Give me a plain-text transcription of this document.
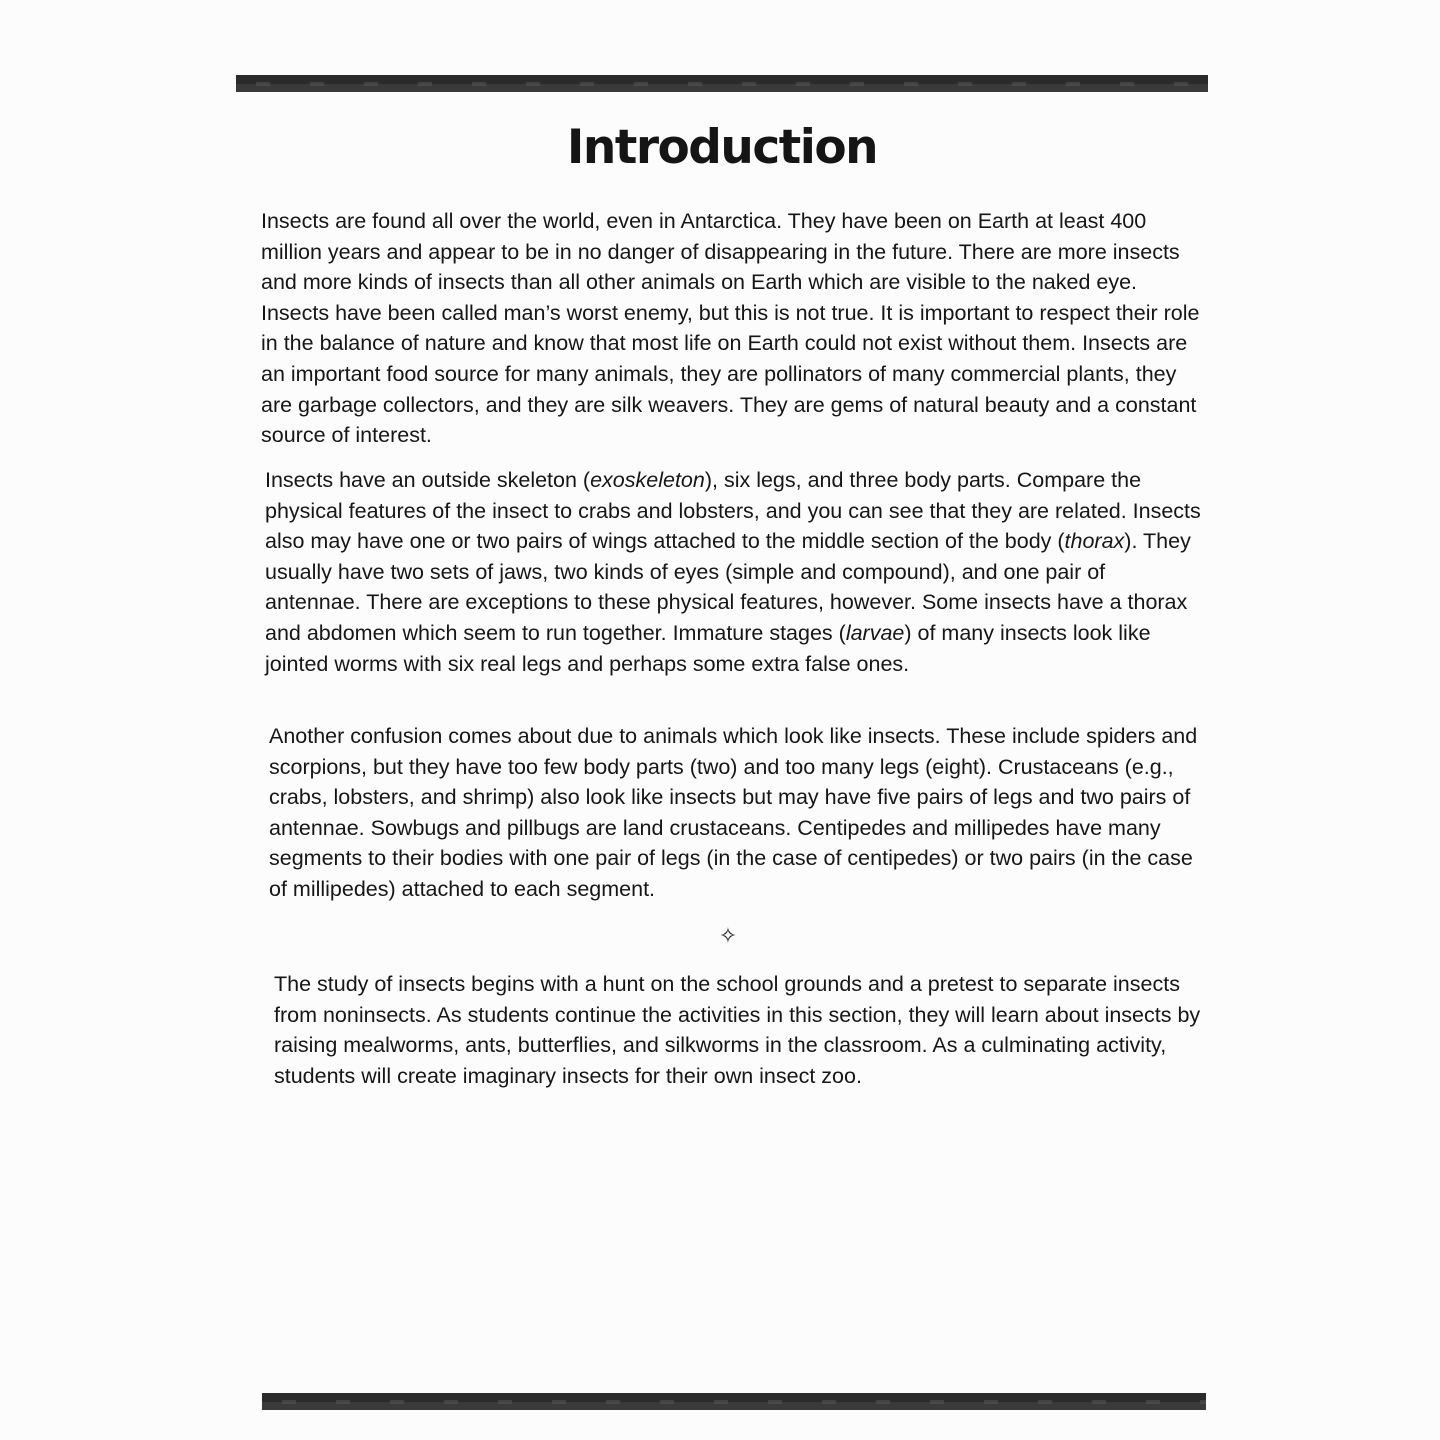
Introduction

Insects are found all over the world, even in Antarctica. They have been on Earth at least 400 million years and appear to be in no danger of disappearing in the future. There are more insects and more kinds of insects than all other animals on Earth which are visible to the naked eye. Insects have been called man’s worst enemy, but this is not true. It is important to respect their role in the balance of nature and know that most life on Earth could not exist without them. Insects are an important food source for many animals, they are pollinators of many commercial plants, they are garbage collectors, and they are silk weavers. They are gems of natural beauty and a constant source of interest.

Insects have an outside skeleton (exoskeleton), six legs, and three body parts. Compare the physical features of the insect to crabs and lobsters, and you can see that they are related. Insects also may have one or two pairs of wings attached to the middle section of the body (thorax). They usually have two sets of jaws, two kinds of eyes (simple and compound), and one pair of antennae. There are exceptions to these physical features, however. Some insects have a thorax and abdomen which seem to run together. Immature stages (larvae) of many insects look like jointed worms with six real legs and perhaps some extra false ones.

Another confusion comes about due to animals which look like insects. These include spiders and scorpions, but they have too few body parts (two) and too many legs (eight). Crustaceans (e.g., crabs, lobsters, and shrimp) also look like insects but may have five pairs of legs and two pairs of antennae. Sowbugs and pillbugs are land crustaceans. Centipedes and millipedes have many segments to their bodies with one pair of legs (in the case of centipedes) or two pairs (in the case of millipedes) attached to each segment.

✧

The study of insects begins with a hunt on the school grounds and a pretest to separate insects from noninsects. As students continue the activities in this section, they will learn about insects by raising mealworms, ants, butterflies, and silkworms in the classroom. As a culminating activity, students will create imaginary insects for their own insect zoo.
